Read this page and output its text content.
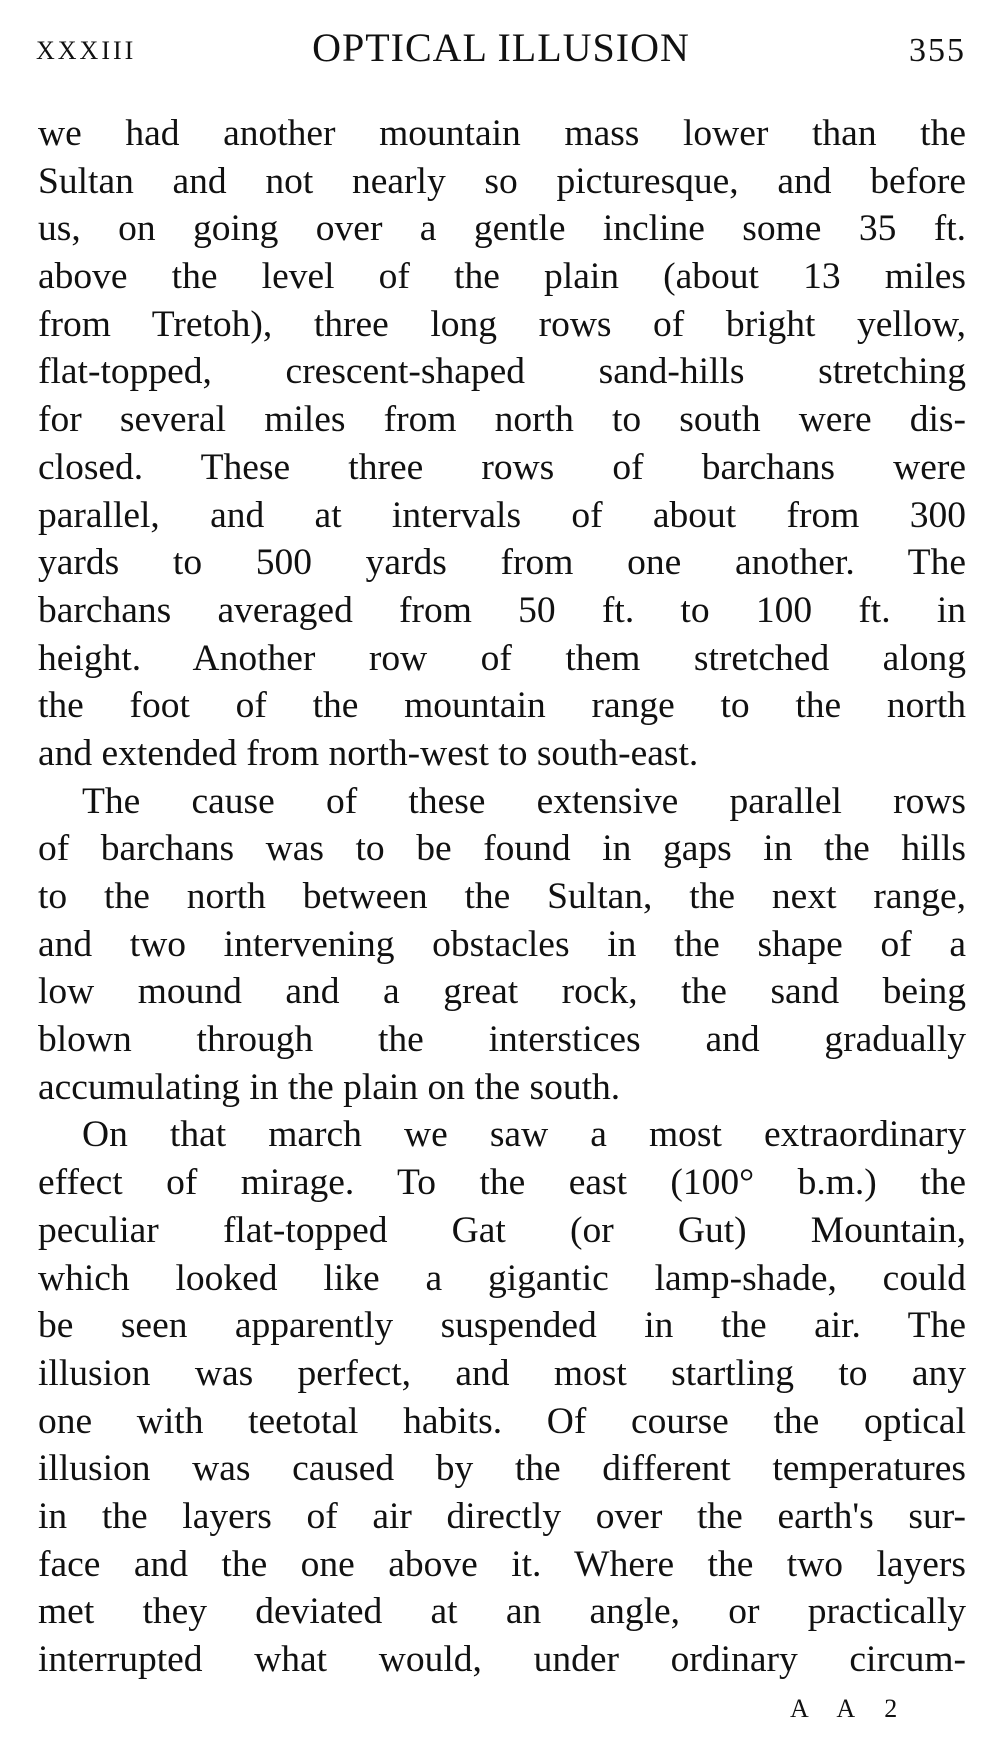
XXXIII	OPTICAL ILLUSION	355
we had another mountain mass lower than the
Sultan and not nearly so picturesque, and before
us, on going over a gentle incline some 35 ft.
above the level of the plain (about 13 miles
from Tretoh), three long rows of bright yellow,
flat-topped, crescent-shaped sand-hills stretching
for several miles from north to south were dis-
closed. These three rows of barchans were
parallel, and at intervals of about from 300
yards to 500 yards from one another. The
barchans averaged from 50 ft. to 100 ft. in
height. Another row of them stretched along
the foot of the mountain range to the north
and extended from north-west to south-east.
The cause of these extensive parallel rows
of barchans was to be found in gaps in the hills
to the north between the Sultan, the next range,
and two intervening obstacles in the shape of a
low mound and a great rock, the sand being
blown through the interstices and gradually
accumulating in the plain on the south.
On that march we saw a most extraordinary
effect of mirage. To the east (100° b.m.) the
peculiar flat-topped Gat (or Gut) Mountain,
which looked like a gigantic lamp-shade, could
be seen apparently suspended in the air. The
illusion was perfect, and most startling to any
one with teetotal habits. Of course the optical
illusion was caused by the different temperatures
in the layers of air directly over the earth's sur-
face and the one above it. Where the two layers
met they deviated at an angle, or practically
interrupted what would, under ordinary circum-
A A 2
